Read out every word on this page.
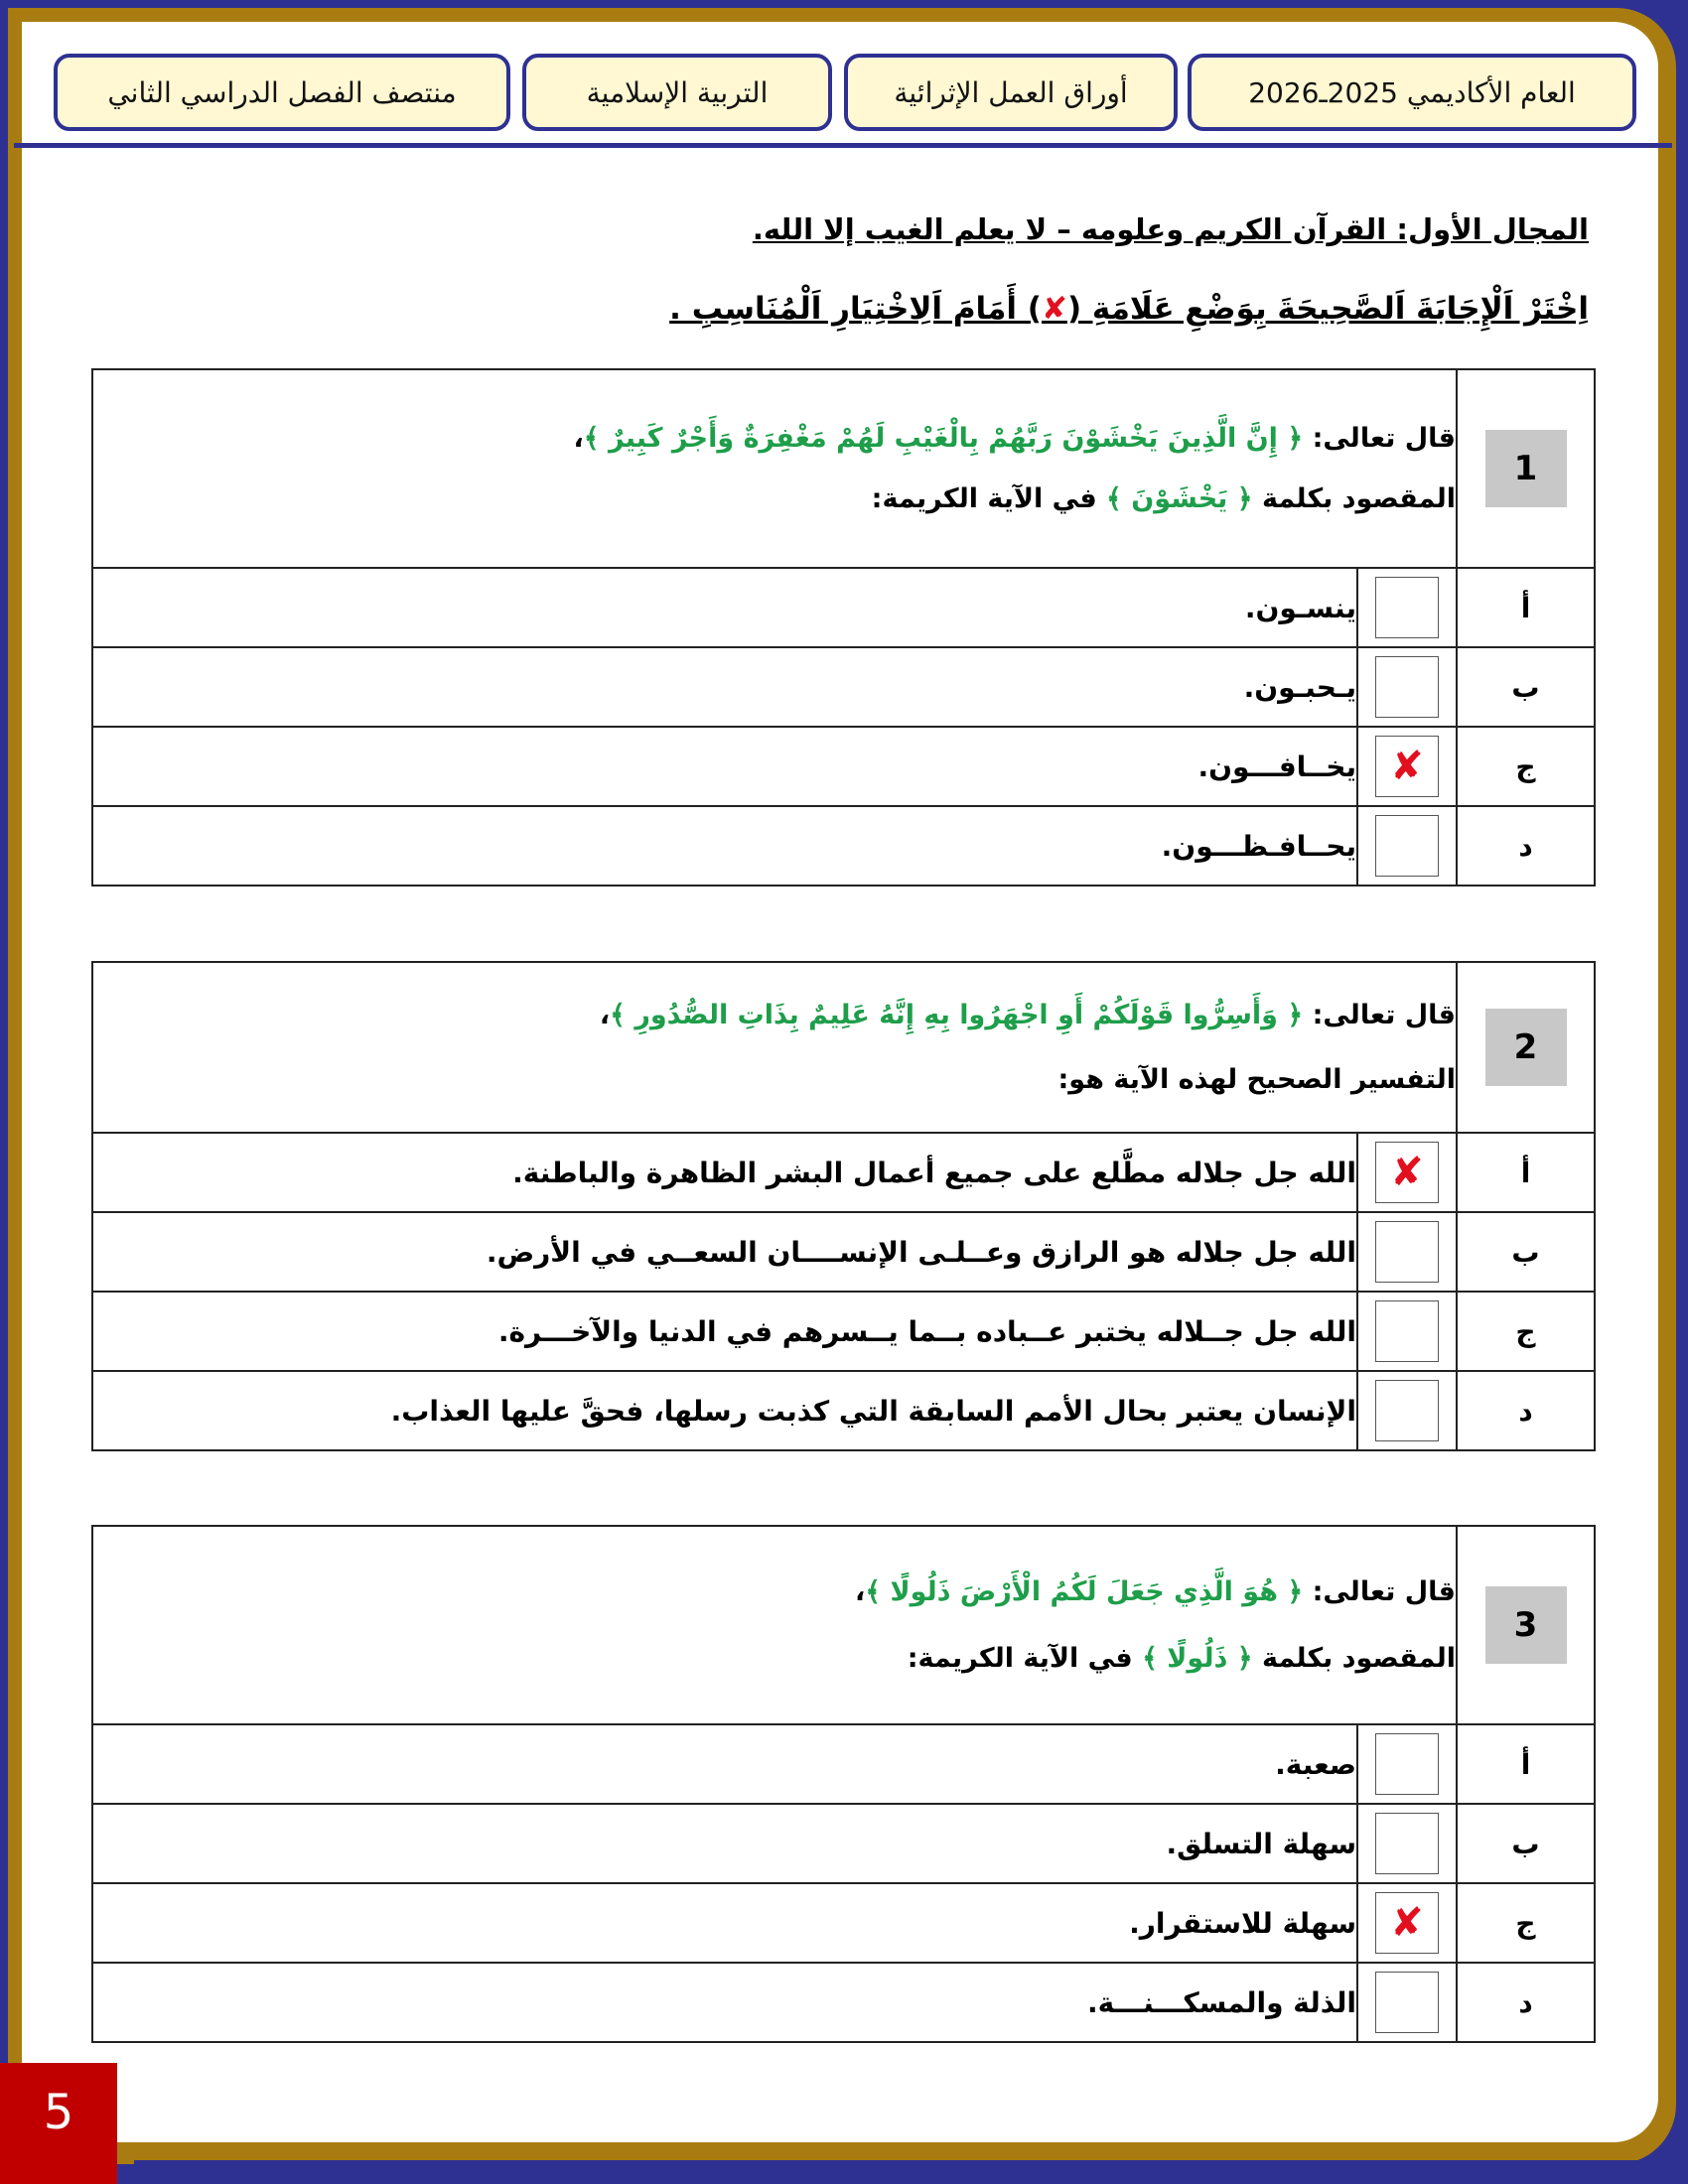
العام الأكاديمي 2025ـ2026
أوراق العمل الإثرائية
التربية الإسلامية
منتصف الفصل الدراسي الثاني
المجال الأول: القرآن الكريم وعلومه – لا يعلم الغيب إلا الله.
اِخْتَرْ اَلْإِجَابَةَ اَلصَّحِيحَةَ بِوَضْعِ عَلَامَةِ (✘) أَمَامَ اَلِاخْتِيَارِ اَلْمُنَاسِبِ .
1	قال تعالى: ﴿ إِنَّ الَّذِينَ يَخْشَوْنَ رَبَّهُمْ بِالْغَيْبِ لَهُمْ مَغْفِرَةٌ وَأَجْرٌ كَبِيرٌ ﴾،
المقصود بكلمة ﴿ يَخْشَوْنَ ﴾ في الآية الكريمة:	

أ		ينسـون.
ب		يـحبـون.
ج	✘	يخــافـــون.
د		يحــافـظـــون.
2	قال تعالى: ﴿ وَأَسِرُّوا قَوْلَكُمْ أَوِ اجْهَرُوا بِهِ إِنَّهُ عَلِيمٌ بِذَاتِ الصُّدُورِ ﴾،
التفسير الصحيح لهذه الآية هو:	

أ	✘	الله جل جلاله مطَّلع على جميع أعمال البشر الظاهرة والباطنة.
ب		الله جل جلاله هو الرازق وعــلـى الإنســــان السعــي في الأرض.
ج		الله جل جــلاله يختبر عــباده بــما يــسرهم في الدنيا والآخـــرة.
د		الإنسان يعتبر بحال الأمم السابقة التي كذبت رسلها، فحقَّ عليها العذاب.
3	قال تعالى: ﴿ هُوَ الَّذِي جَعَلَ لَكُمُ الْأَرْضَ ذَلُولًا ﴾،
المقصود بكلمة ﴿ ذَلُولًا ﴾ في الآية الكريمة:	

أ		صعبة.
ب		سهلة التسلق.
ج	✘	سهلة للاستقرار.
د		الذلة والمسكـــنـــة.
5
